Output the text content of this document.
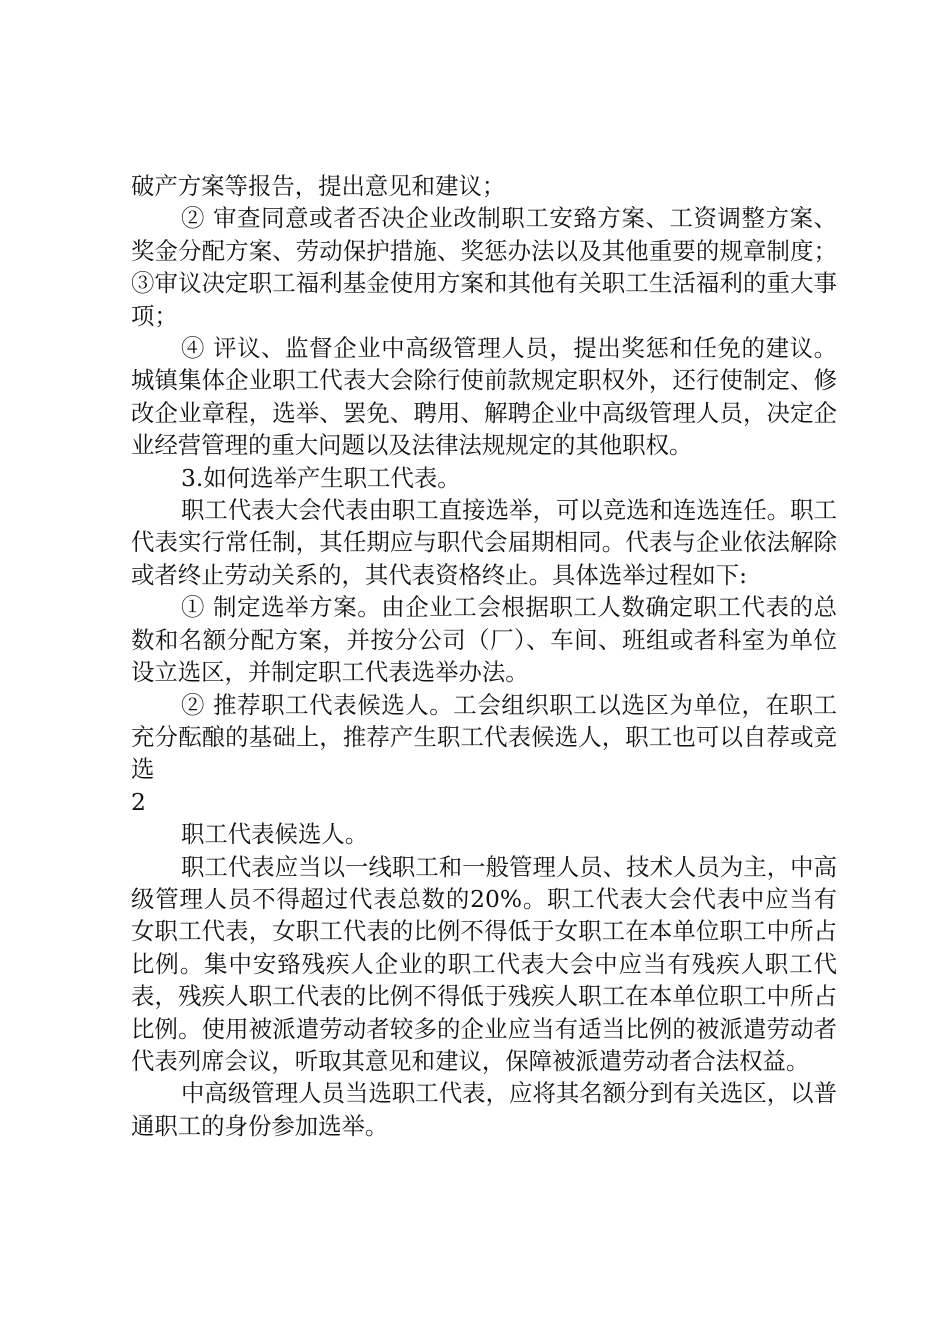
破产方案等报告，提出意见和建议；

② 审查同意或者否决企业改制职工安臵方案、工资调整方案、奖金分配方案、劳动保护措施、奖惩办法以及其他重要的规章制度；③审议决定职工福利基金使用方案和其他有关职工生活福利的重大事项；

④ 评议、监督企业中高级管理人员，提出奖惩和任免的建议。城镇集体企业职工代表大会除行使前款规定职权外，还行使制定、修改企业章程，选举、罢免、聘用、解聘企业中高级管理人员，决定企业经营管理的重大问题以及法律法规规定的其他职权。

3.如何选举产生职工代表。

职工代表大会代表由职工直接选举，可以竞选和连选连任。职工代表实行常任制，其任期应与职代会届期相同。代表与企业依法解除或者终止劳动关系的，其代表资格终止。具体选举过程如下:

① 制定选举方案。由企业工会根据职工人数确定职工代表的总数和名额分配方案，并按分公司（厂）、车间、班组或者科室为单位设立选区，并制定职工代表选举办法。

② 推荐职工代表候选人。工会组织职工以选区为单位，在职工充分酝酿的基础上，推荐产生职工代表候选人，职工也可以自荐或竞选

2

职工代表候选人。

职工代表应当以一线职工和一般管理人员、技术人员为主，中高级管理人员不得超过代表总数的20%。职工代表大会代表中应当有女职工代表，女职工代表的比例不得低于女职工在本单位职工中所占比例。集中安臵残疾人企业的职工代表大会中应当有残疾人职工代表，残疾人职工代表的比例不得低于残疾人职工在本单位职工中所占比例。使用被派遣劳动者较多的企业应当有适当比例的被派遣劳动者代表列席会议，听取其意见和建议，保障被派遣劳动者合法权益。

中高级管理人员当选职工代表，应将其名额分到有关选区，以普通职工的身份参加选举。
